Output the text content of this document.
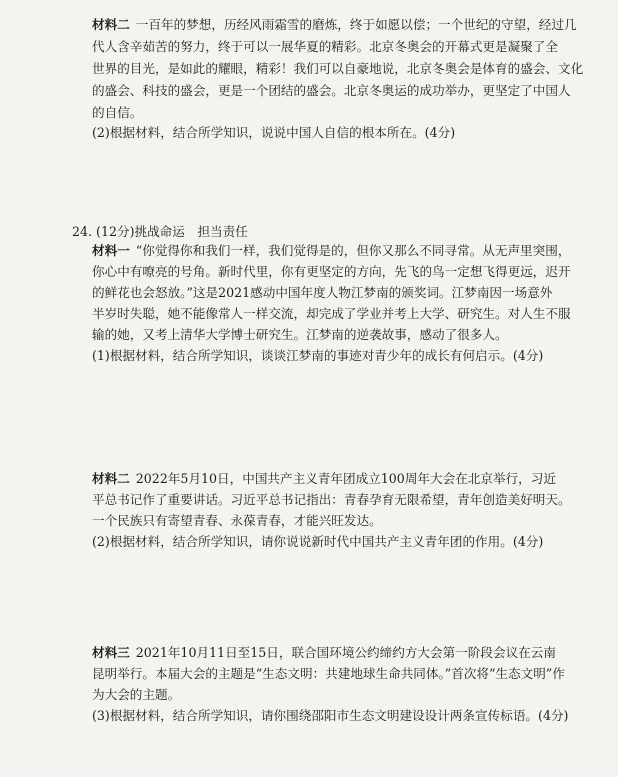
材料二 一百年的梦想，历经风雨霜雪的磨炼，终于如愿以偿；一个世纪的守望，经过几
代人含辛茹苦的努力，终于可以一展华夏的精彩。北京冬奥会的开幕式更是凝聚了全
世界的目光，是如此的耀眼，精彩！我们可以自豪地说，北京冬奥会是体育的盛会、文化
的盛会、科技的盛会，更是一个团结的盛会。北京冬奥运的成功举办，更坚定了中国人
的自信。
(2)根据材料，结合所学知识，说说中国人自信的根本所在。(4分)
24. (12分)挑战命运　担当责任
材料一 “你觉得你和我们一样，我们觉得是的，但你又那么不同寻常。从无声里突围，
你心中有嘹亮的号角。新时代里，你有更坚定的方向，先飞的鸟一定想飞得更远，迟开
的鲜花也会怒放。”这是2021感动中国年度人物江梦南的颁奖词。江梦南因一场意外
半岁时失聪，她不能像常人一样交流，却完成了学业并考上大学、研究生。对人生不服
输的她，又考上清华大学博士研究生。江梦南的逆袭故事，感动了很多人。
(1)根据材料，结合所学知识，谈谈江梦南的事迹对青少年的成长有何启示。(4分)
材料二 2022年5月10日，中国共产主义青年团成立100周年大会在北京举行，习近
平总书记作了重要讲话。习近平总书记指出：青春孕育无限希望，青年创造美好明天。
一个民族只有寄望青春、永葆青春，才能兴旺发达。
(2)根据材料，结合所学知识，请你说说新时代中国共产主义青年团的作用。(4分)
材料三 2021年10月11日至15日，联合国环境公约缔约方大会第一阶段会议在云南
昆明举行。本届大会的主题是“生态文明：共建地球生命共同体。”首次将“生态文明”作
为大会的主题。
(3)根据材料，结合所学知识，请你围绕邵阳市生态文明建设设计两条宣传标语。(4分)
